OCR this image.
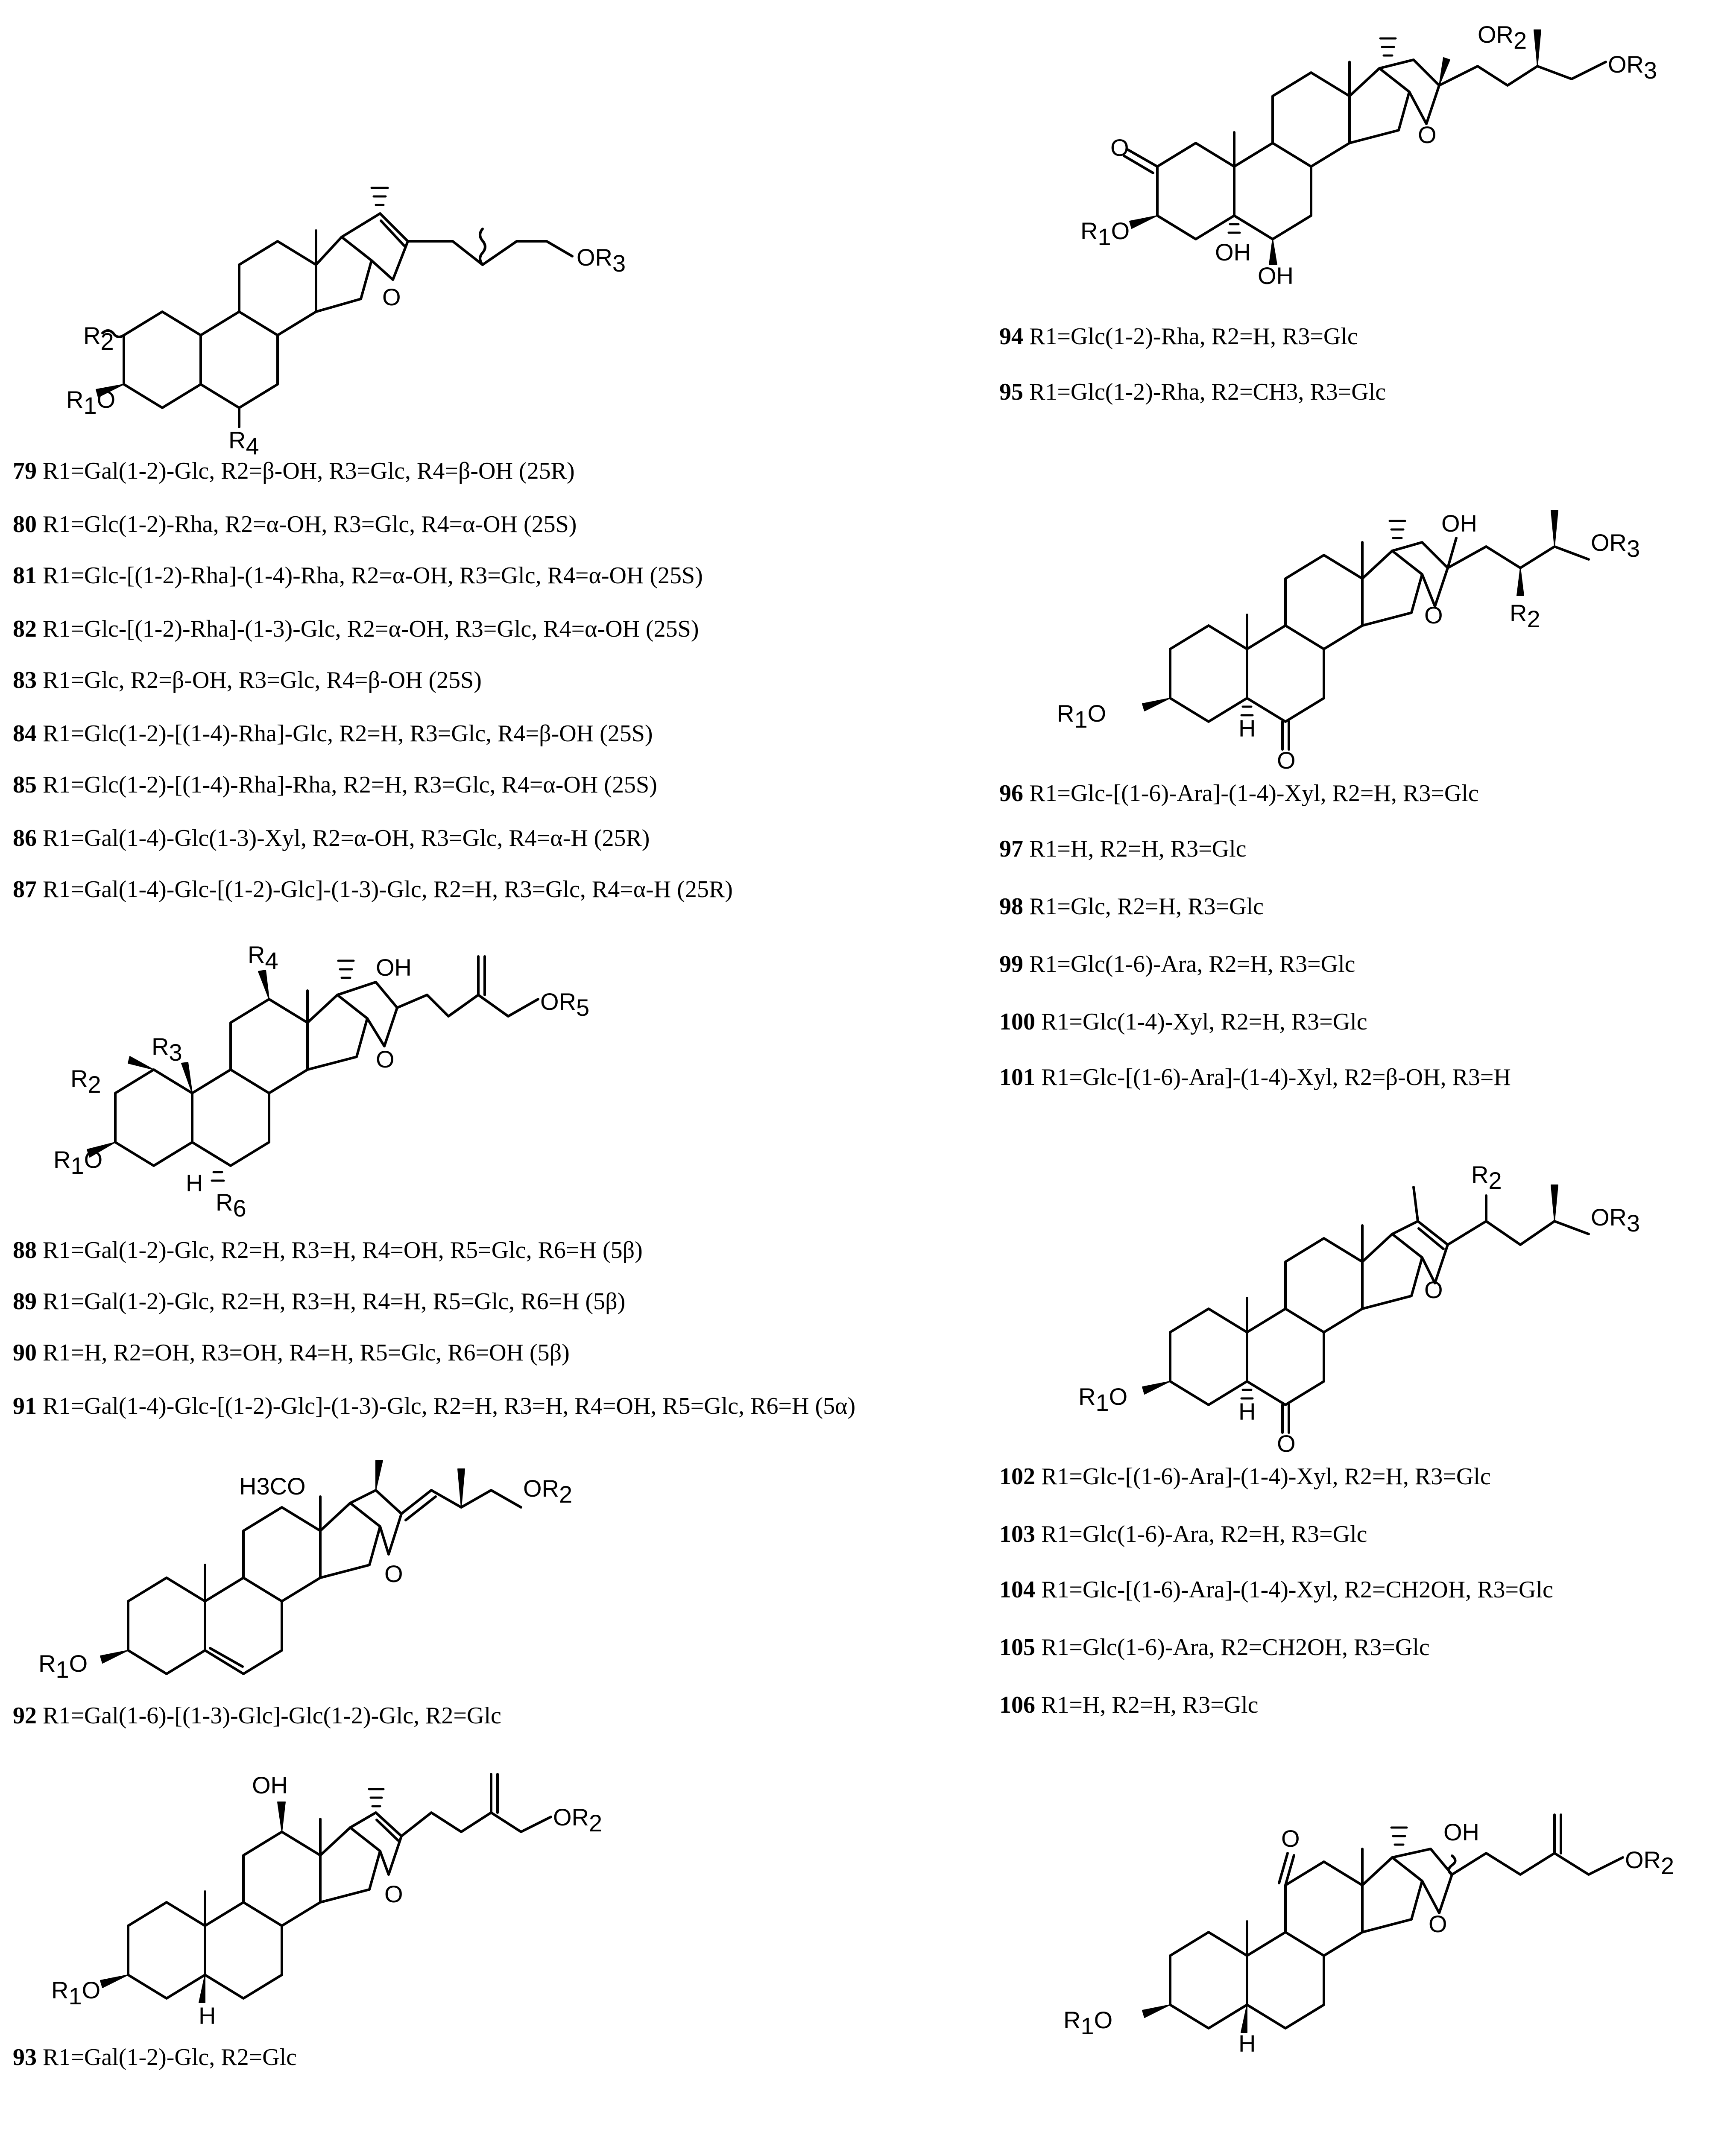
OR3
R2
R1O
R4
O
79 R1=Gal(1-2)-Glc, R2=β-OH, R3=Glc, R4=β-OH (25R)
80 R1=Glc(1-2)-Rha, R2=α-OH, R3=Glc, R4=α-OH (25S)
81 R1=Glc-[(1-2)-Rha]-(1-4)-Rha, R2=α-OH, R3=Glc, R4=α-OH (25S)
82 R1=Glc-[(1-2)-Rha]-(1-3)-Glc, R2=α-OH, R3=Glc, R4=α-OH (25S)
83 R1=Glc, R2=β-OH, R3=Glc, R4=β-OH (25S)
84 R1=Glc(1-2)-[(1-4)-Rha]-Glc, R2=H, R3=Glc, R4=β-OH (25S)
85 R1=Glc(1-2)-[(1-4)-Rha]-Rha, R2=H, R3=Glc, R4=α-OH (25S)
86 R1=Gal(1-4)-Glc(1-3)-Xyl, R2=α-OH, R3=Glc, R4=α-H (25R)
87 R1=Gal(1-4)-Glc-[(1-2)-Glc]-(1-3)-Glc, R2=H, R3=Glc, R4=α-H (25R)
OH
OR5
R4
R3
R2
R1O
H
R6
O
88 R1=Gal(1-2)-Glc, R2=H, R3=H, R4=OH, R5=Glc, R6=H (5β)
89 R1=Gal(1-2)-Glc, R2=H, R3=H, R4=H, R5=Glc, R6=H (5β)
90 R1=H, R2=OH, R3=OH, R4=H, R5=Glc, R6=OH (5β)
91 R1=Gal(1-4)-Glc-[(1-2)-Glc]-(1-3)-Glc, R2=H, R3=H, R4=OH, R5=Glc, R6=H (5α)
H3CO	OR2
R1O
O
92 R1=Gal(1-6)-[(1-3)-Glc]-Glc(1-2)-Glc, R2=Glc
OH
OR2
R1O
H
O
93 R1=Gal(1-2)-Glc, R2=Glc
OR2
OR3
O
R1O
OH
OH
O
94 R1=Glc(1-2)-Rha, R2=H, R3=Glc
95 R1=Glc(1-2)-Rha, R2=CH3, R3=Glc
OH
OR3
R2
R1O
H
O
O
96 R1=Glc-[(1-6)-Ara]-(1-4)-Xyl, R2=H, R3=Glc
97 R1=H, R2=H, R3=Glc
98 R1=Glc, R2=H, R3=Glc
99 R1=Glc(1-6)-Ara, R2=H, R3=Glc
100 R1=Glc(1-4)-Xyl, R2=H, R3=Glc
101 R1=Glc-[(1-6)-Ara]-(1-4)-Xyl, R2=β-OH, R3=H
R2
OR3
R1O
H
O
O
102 R1=Glc-[(1-6)-Ara]-(1-4)-Xyl, R2=H, R3=Glc
103 R1=Glc(1-6)-Ara, R2=H, R3=Glc
104 R1=Glc-[(1-6)-Ara]-(1-4)-Xyl, R2=CH2OH, R3=Glc
105 R1=Glc(1-6)-Ara, R2=CH2OH, R3=Glc
106 R1=H, R2=H, R3=Glc
O	OH
OR2
R1O
H
O
